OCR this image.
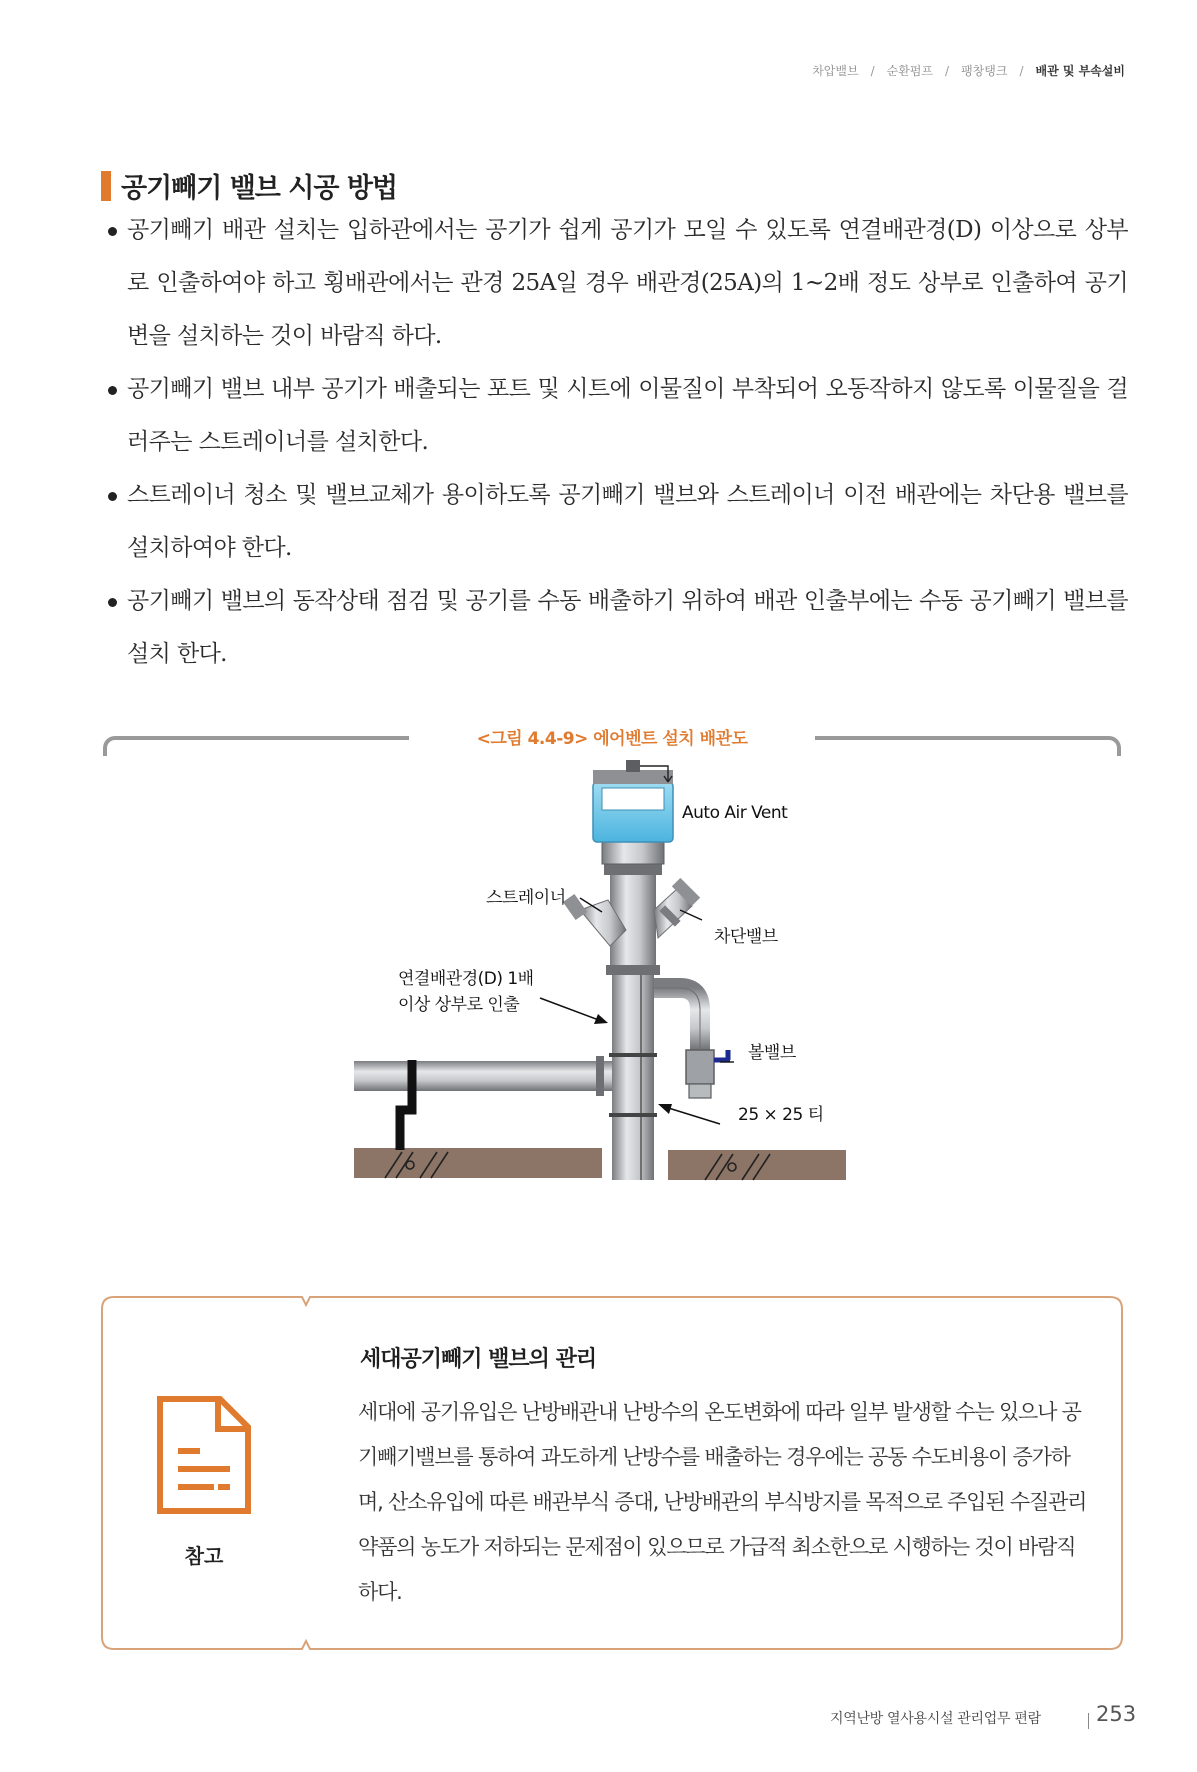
차압밸브 / 순환펌프 / 팽창탱크 / 배관 및 부속설비
공기빼기 밸브 시공 방법
공기빼기 배관 설치는 입하관에서는 공기가 쉽게 공기가 모일 수 있도록 연결배관경(D) 이상으로 상부로 인출하여야 하고 횡배관에서는 관경 25A일 경우 배관경(25A)의 1~2배 정도 상부로 인출하여 공기변을 설치하는 것이 바람직 하다.
공기빼기 밸브 내부 공기가 배출되는 포트 및 시트에 이물질이 부착되어 오동작하지 않도록 이물질을 걸러주는 스트레이너를 설치한다.
스트레이너 청소 및 밸브교체가 용이하도록 공기빼기 밸브와 스트레이너 이전 배관에는 차단용 밸브를 설치하여야 한다.
공기빼기 밸브의 동작상태 점검 및 공기를 수동 배출하기 위하여 배관 인출부에는 수동 공기빼기 밸브를 설치 한다.
<그림 4.4-9> 에어벤트 설치 배관도
Auto Air Vent
스트레이너
차단밸브
연결배관경(D) 1배
이상 상부로 인출
볼밸브
25 × 25 티
세대공기빼기 밸브의 관리
세대에 공기유입은 난방배관내 난방수의 온도변화에 따라 일부 발생할 수는 있으나 공기빼기밸브를 통하여 과도하게 난방수를 배출하는 경우에는 공동 수도비용이 증가하며, 산소유입에 따른 배관부식 증대, 난방배관의 부식방지를 목적으로 주입된 수질관리 약품의 농도가 저하되는 문제점이 있으므로 가급적 최소한으로 시행하는 것이 바람직 하다.
참고
지역난방 열사용시설 관리업무 편람	253
